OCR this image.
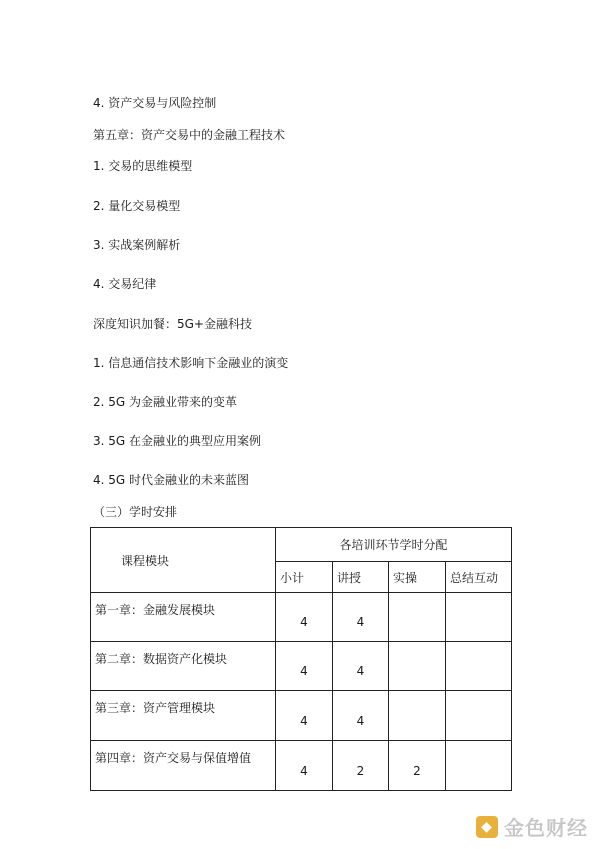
4. 资产交易与风险控制
第五章：资产交易中的金融工程技术
1. 交易的思维模型
2. 量化交易模型
3. 实战案例解析
4. 交易纪律
深度知识加餐：5G+金融科技
1. 信息通信技术影响下金融业的演变
2. 5G 为金融业带来的变革
3. 5G 在金融业的典型应用案例
4. 5G 时代金融业的未来蓝图
（三）学时安排
课程模块	各培训环节学时分配			
	小计	讲授	实操	总结互动
第一章：金融发展模块	4	4		
第二章：数据资产化模块	4	4		
第三章：资产管理模块	4	4		
第四章：资产交易与保值增值	4	2	2	
◆ 金色财经
